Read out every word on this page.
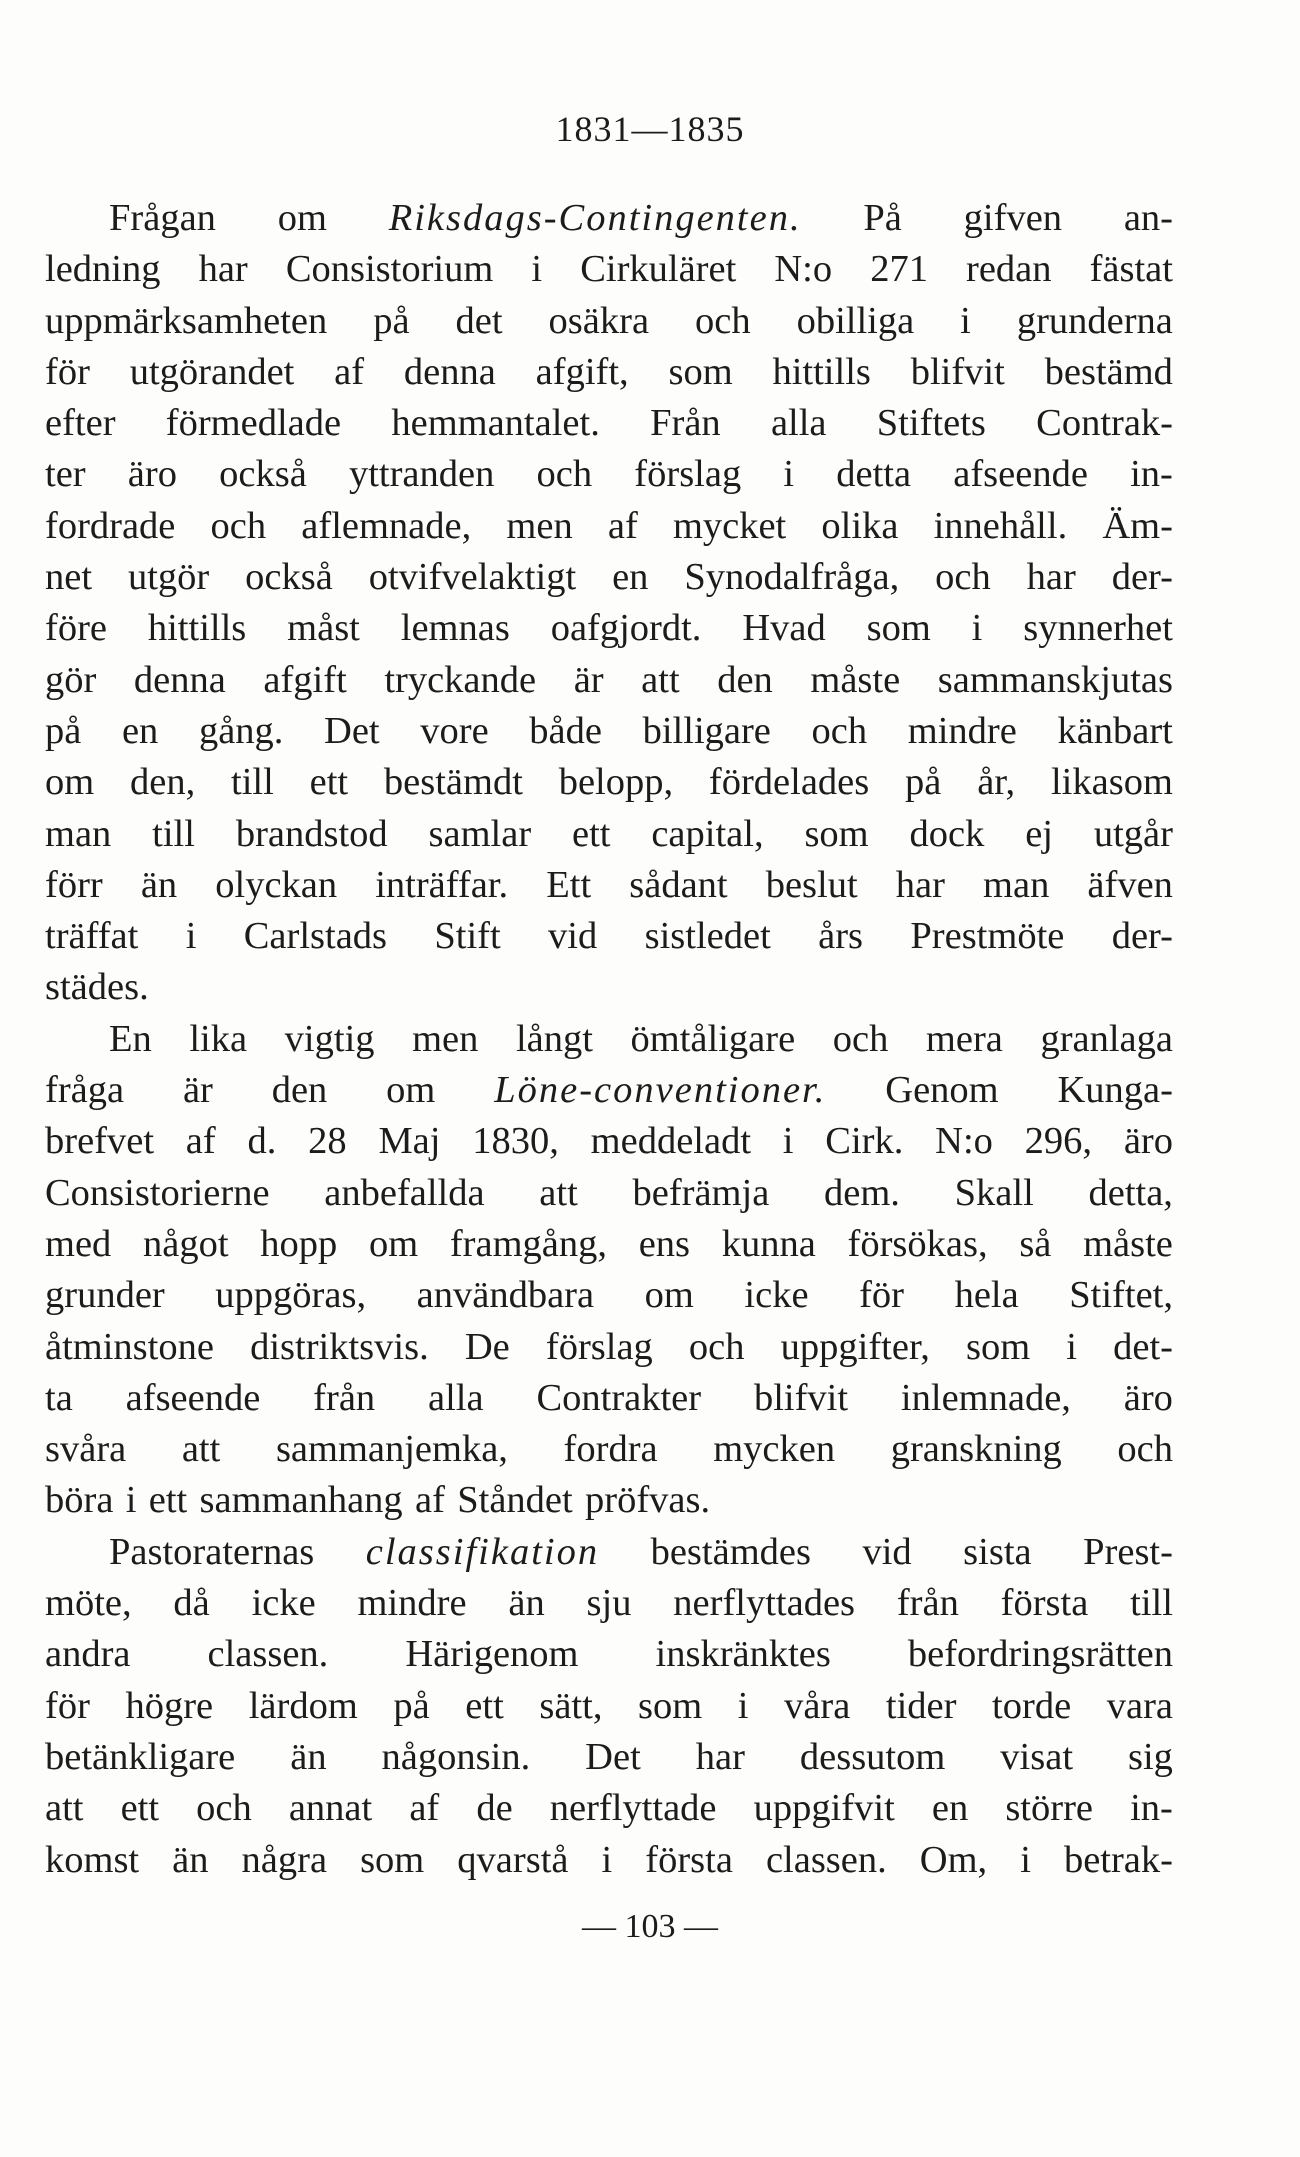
1831—1835
Frågan om Riksdags-Contingenten. På gifven an-
ledning har Consistorium i Cirkuläret N:o 271 redan fästat
uppmärksamheten på det osäkra och obilliga i grunderna
för utgörandet af denna afgift, som hittills blifvit bestämd
efter förmedlade hemmantalet. Från alla Stiftets Contrak-
ter äro också yttranden och förslag i detta afseende in-
fordrade och aflemnade, men af mycket olika innehåll. Äm-
net utgör också otvifvelaktigt en Synodalfråga, och har der-
före hittills måst lemnas oafgjordt. Hvad som i synnerhet
gör denna afgift tryckande är att den måste sammanskjutas
på en gång. Det vore både billigare och mindre känbart
om den, till ett bestämdt belopp, fördelades på år, likasom
man till brandstod samlar ett capital, som dock ej utgår
förr än olyckan inträffar. Ett sådant beslut har man äfven
träffat i Carlstads Stift vid sistledet års Prestmöte der-
städes.
En lika vigtig men långt ömtåligare och mera granlaga
fråga är den om Löne-conventioner. Genom Kunga-
brefvet af d. 28 Maj 1830, meddeladt i Cirk. N:o 296, äro
Consistorierne anbefallda att befrämja dem. Skall detta,
med något hopp om framgång, ens kunna försökas, så måste
grunder uppgöras, användbara om icke för hela Stiftet,
åtminstone distriktsvis. De förslag och uppgifter, som i det-
ta afseende från alla Contrakter blifvit inlemnade, äro
svåra att sammanjemka, fordra mycken granskning och
böra i ett sammanhang af Ståndet pröfvas.
Pastoraternas classifikation bestämdes vid sista Prest-
möte, då icke mindre än sju nerflyttades från första till
andra classen. Härigenom inskränktes befordringsrätten
för högre lärdom på ett sätt, som i våra tider torde vara
betänkligare än någonsin. Det har dessutom visat sig
att ett och annat af de nerflyttade uppgifvit en större in-
komst än några som qvarstå i första classen. Om, i betrak-
— 103 —
